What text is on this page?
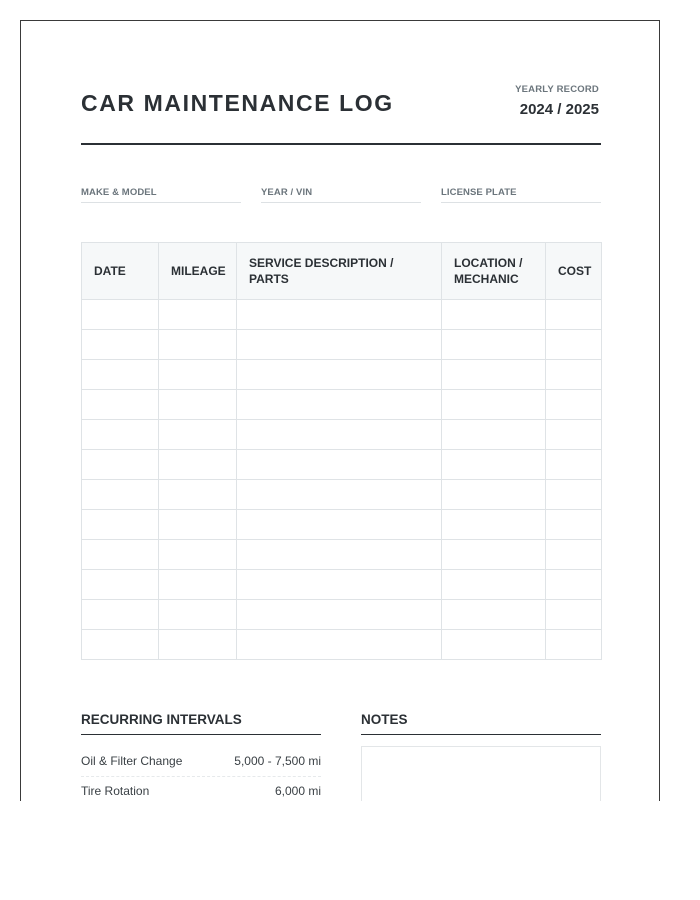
CAR MAINTENANCE LOG
YEARLY RECORD
2024 / 2025
MAKE & MODEL	YEAR / VIN	LICENSE PLATE
DATE	MILEAGE	SERVICE DESCRIPTION / PARTS	LOCATION / MECHANIC	COST

RECURRING INTERVALS
Oil & Filter Change	5,000 - 7,500 mi
Tire Rotation	6,000 mi
NOTES
